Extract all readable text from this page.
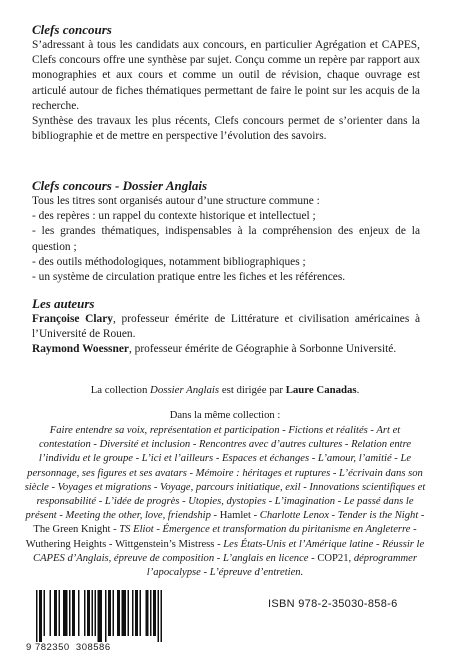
Clefs concours

S’adressant à tous les candidats aux concours, en particulier Agrégation et CAPES, Clefs concours offre une synthèse par sujet. Conçu comme un repère par rapport aux monographies et aux cours et comme un outil de révision, chaque ouvrage est articulé autour de fiches thématiques permettant de faire le point sur les acquis de la recherche.

Synthèse des travaux les plus récents, Clefs concours permet de s’orienter dans la bibliographie et de mettre en perspective l’évolution des savoirs.

Clefs concours - Dossier Anglais

Tous les titres sont organisés autour d’une structure commune :

- des repères : un rappel du contexte historique et intellectuel ;

- les grandes thématiques, indispensables à la compréhension des enjeux de la question ;

- des outils méthodologiques, notamment bibliographiques ;

- un système de circulation pratique entre les fiches et les références.

Les auteurs

Françoise Clary, professeur émérite de Littérature et civilisation américaines à l’Université de Rouen.

Raymond Woessner, professeur émérite de Géographie à Sorbonne Université.

La collection Dossier Anglais est dirigée par Laure Canadas.
Dans la même collection :
Faire entendre sa voix, représentation et participation - Fictions et réalités - Art et contestation - Diversité et inclusion - Rencontres avec d’autres cultures - Relation entre l’individu et le groupe - L’ici et l’ailleurs - Espaces et échanges - L’amour, l’amitié - Le personnage, ses figures et ses avatars - Mémoire : héritages et ruptures - L’écrivain dans son siècle - Voyages et migrations - Voyage, parcours initiatique, exil - Innovations scientifiques et responsabilité - L’idée de progrès - Utopies, dystopies - L’imagination - Le passé dans le présent - Meeting the other, love, friendship - Hamlet - Charlotte Lenox - Tender is the Night - The Green Knight - TS Eliot - Émergence et transformation du piritanisme en Angleterre - Wuthering Heights - Wittgenstein’s Mistress - Les États-Unis et l’Amérique latine - Réussir le CAPES d’Anglais, épreuve de composition - L’anglais en licence - COP21, déprogrammer l’apocalypse - L’épreuve d’entretien.
9 782350 308586
ISBN 978-2-35030-858-6
